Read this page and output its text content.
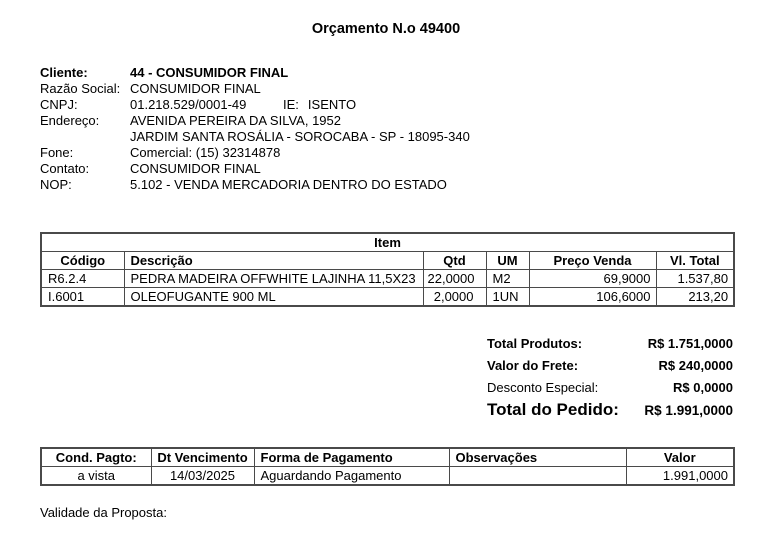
Orçamento N.o 49400
Cliente:	44 - CONSUMIDOR FINAL
Razão Social: CONSUMIDOR FINAL
CNPJ:	01.218.529/0001-49	IE: ISENTO
Endereço: AVENIDA PEREIRA DA SILVA, 1952
JARDIM SANTA ROSÁLIA - SOROCABA - SP - 18095-340
Fone:	Comercial: (15) 32314878
Contato:	CONSUMIDOR FINAL
NOP:	5.102 - VENDA MERCADORIA DENTRO DO ESTADO
Item					
Código	Descrição	Qtd	UM	Preço Venda	Vl. Total
R6.2.4	PEDRA MADEIRA OFFWHITE LAJINHA 11,5X23	22,0000	M2	69,9000	1.537,80
I.6001	OLEOFUGANTE 900 ML	2,0000	1UN	106,6000	213,20
Total Produtos:	R$ 1.751,0000
Valor do Frete:	R$ 240,0000
Desconto Especial:	R$ 0,0000
Total do Pedido: R$ 1.991,0000
Cond. Pagto:	Dt Vencimento	Forma de Pagamento	Observações	Valor
a vista	14/03/2025	Aguardando Pagamento		1.991,0000
Validade da Proposta:
